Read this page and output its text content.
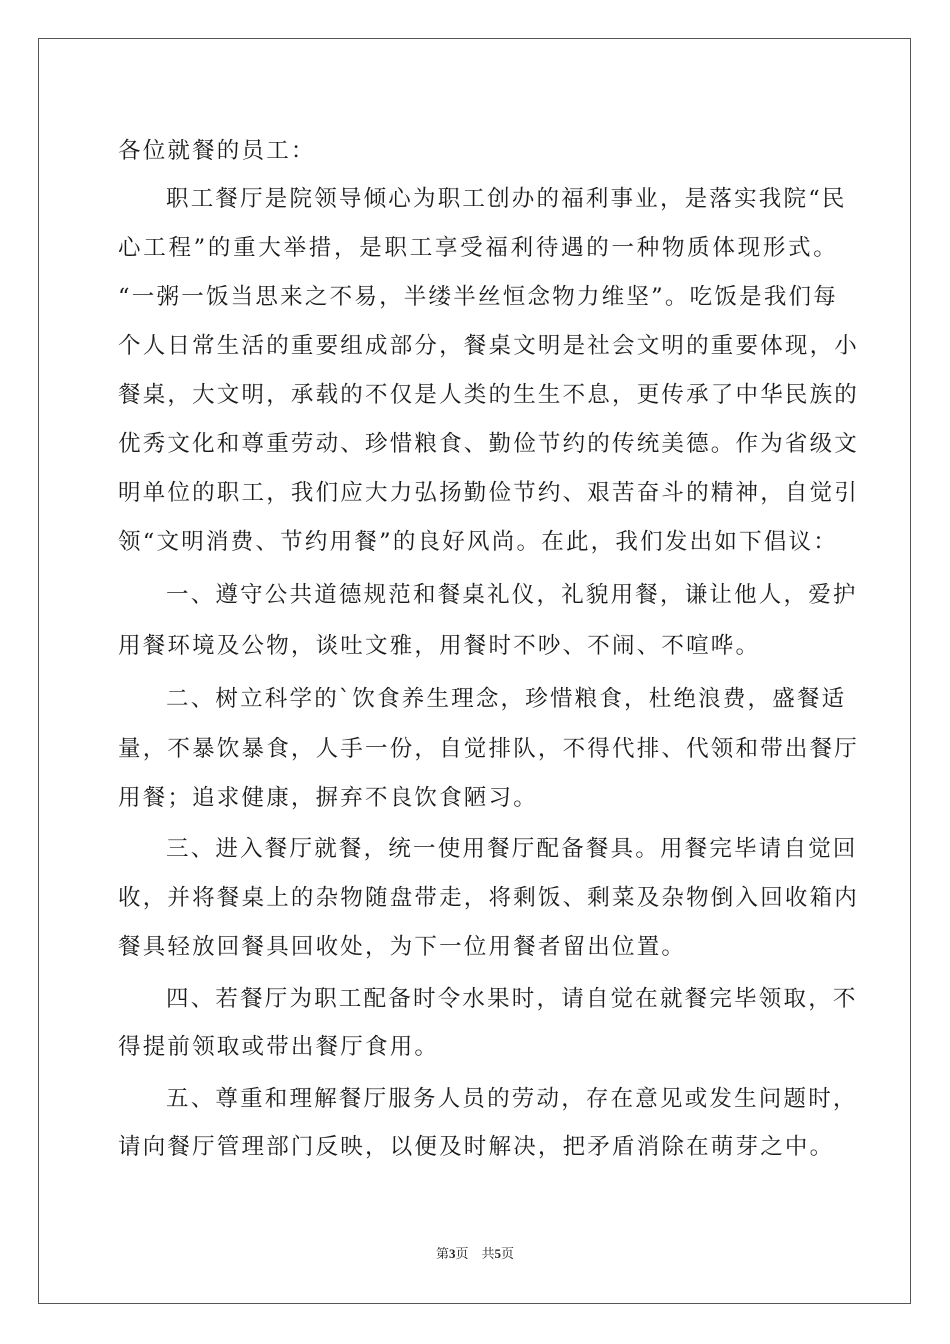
各位就餐的员工：
职工餐厅是院领导倾心为职工创办的福利事业，是落实我院“民
心工程”的重大举措，是职工享受福利待遇的一种物质体现形式。
“一粥一饭当思来之不易，半缕半丝恒念物力维坚”。吃饭是我们每
个人日常生活的重要组成部分，餐桌文明是社会文明的重要体现，小
餐桌，大文明，承载的不仅是人类的生生不息，更传承了中华民族的
优秀文化和尊重劳动、珍惜粮食、勤俭节约的传统美德。作为省级文
明单位的职工，我们应大力弘扬勤俭节约、艰苦奋斗的精神，自觉引
领“文明消费、节约用餐”的良好风尚。在此，我们发出如下倡议：
一、遵守公共道德规范和餐桌礼仪，礼貌用餐，谦让他人，爱护
用餐环境及公物，谈吐文雅，用餐时不吵、不闹、不喧哗。
二、树立科学的`饮食养生理念，珍惜粮食，杜绝浪费，盛餐适
量，不暴饮暴食，人手一份，自觉排队，不得代排、代领和带出餐厅
用餐；追求健康，摒弃不良饮食陋习。
三、进入餐厅就餐，统一使用餐厅配备餐具。用餐完毕请自觉回
收，并将餐桌上的杂物随盘带走，将剩饭、剩菜及杂物倒入回收箱内
餐具轻放回餐具回收处，为下一位用餐者留出位置。
四、若餐厅为职工配备时令水果时，请自觉在就餐完毕领取，不
得提前领取或带出餐厅食用。
五、尊重和理解餐厅服务人员的劳动，存在意见或发生问题时，
请向餐厅管理部门反映，以便及时解决，把矛盾消除在萌芽之中。
第3页　共5页
